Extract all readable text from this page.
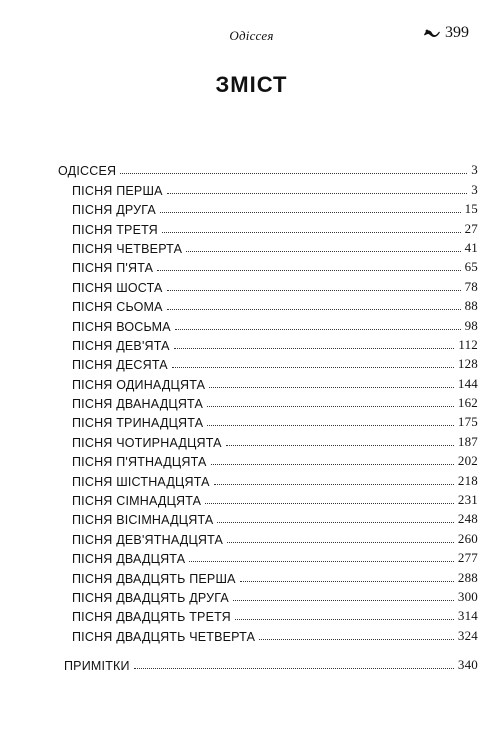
Одіссея	399
ЗМІСТ
ОДІССЕЯ	3
ПІСНЯ ПЕРША	3
ПІСНЯ ДРУГА	15
ПІСНЯ ТРЕТЯ	27
ПІСНЯ ЧЕТВЕРТА	41
ПІСНЯ П'ЯТА	65
ПІСНЯ ШОСТА	78
ПІСНЯ СЬОМА	88
ПІСНЯ ВОСЬМА	98
ПІСНЯ ДЕВ'ЯТА	112
ПІСНЯ ДЕСЯТА	128
ПІСНЯ ОДИНАДЦЯТА	144
ПІСНЯ ДВАНАДЦЯТА	162
ПІСНЯ ТРИНАДЦЯТА	175
ПІСНЯ ЧОТИРНАДЦЯТА	187
ПІСНЯ П'ЯТНАДЦЯТА	202
ПІСНЯ ШІСТНАДЦЯТА	218
ПІСНЯ СІМНАДЦЯТА	231
ПІСНЯ ВІСІМНАДЦЯТА	248
ПІСНЯ ДЕВ'ЯТНАДЦЯТА	260
ПІСНЯ ДВАДЦЯТА	277
ПІСНЯ ДВАДЦЯТЬ ПЕРША	288
ПІСНЯ ДВАДЦЯТЬ ДРУГА	300
ПІСНЯ ДВАДЦЯТЬ ТРЕТЯ	314
ПІСНЯ ДВАДЦЯТЬ ЧЕТВЕРТА	324
ПРИМІТКИ	340
